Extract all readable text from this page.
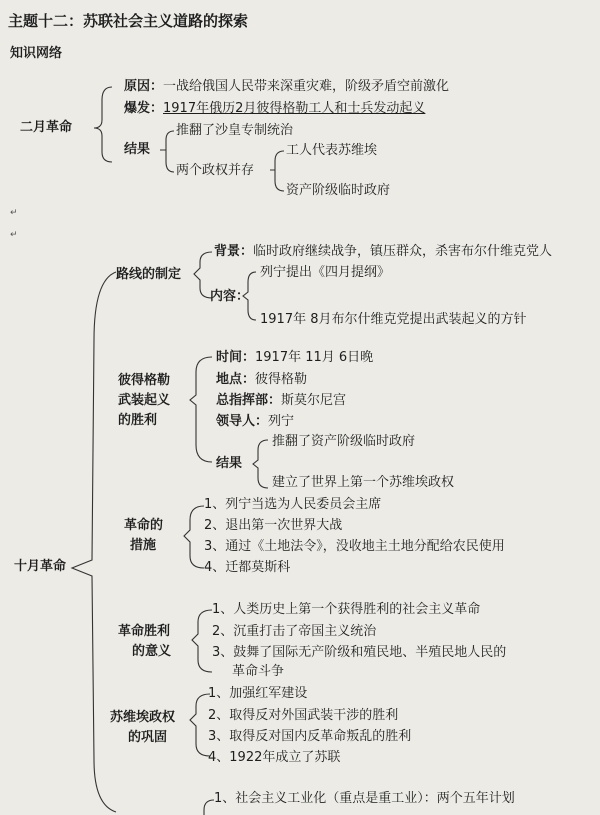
主题十二：苏联社会主义道路的探索
知识网络
二月革命
原因：一战给俄国人民带来深重灾难，阶级矛盾空前激化
爆发：1917年俄历2月彼得格勒工人和士兵发动起义
结果
推翻了沙皇专制统治
两个政权并存
工人代表苏维埃
资产阶级临时政府
↵
↵
十月革命
路线的制定
背景：临时政府继续战争，镇压群众，杀害布尔什维克党人
内容：
列宁提出《四月提纲》
1917年 8月布尔什维克党提出武装起义的方针
彼得格勒
武装起义
的胜利
时间：1917年 11月 6日晚
地点：彼得格勒
总指挥部：斯莫尔尼宫
领导人：列宁
结果
推翻了资产阶级临时政府
建立了世界上第一个苏维埃政权
革命的
措施
1、列宁当选为人民委员会主席
2、退出第一次世界大战
3、通过《土地法令》，没收地主土地分配给农民使用
4、迁都莫斯科
革命胜利
的意义
1、人类历史上第一个获得胜利的社会主义革命
2、沉重打击了帝国主义统治
3、鼓舞了国际无产阶级和殖民地、半殖民地人民的
革命斗争
苏维埃政权
的巩固
1、加强红军建设
2、取得反对外国武装干涉的胜利
3、取得反对国内反革命叛乱的胜利
4、1922年成立了苏联
1、社会主义工业化（重点是重工业）：两个五年计划
